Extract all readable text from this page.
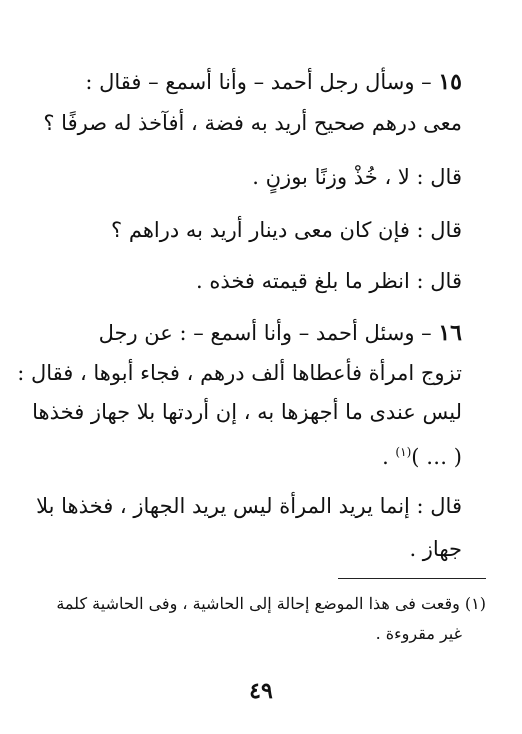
١٥ – وسأل رجل أحمد – وأنا أسمع – فقال :
معى درهم صحيح أريد به فضة ، أفآخذ له صرفًا ؟
قال : لا ، خُذْ وزنًا بوزنٍ .
قال : فإن كان معى دينار أريد به دراهم ؟
قال : انظر ما بلغ قيمته فخذه .
١٦ – وسئل أحمد – وأنا أسمع – : عن رجل
تزوج امرأة فأعطاها ألف درهم ، فجاء أبوها ، فقال :
ليس عندى ما أجهزها به ، إن أردتها بلا جهاز فخذها
( … )$^{(١)}$ .
قال : إنما يريد المرأة ليس يريد الجهاز ، فخذها بلا
جهاز .
(١) وقعت فى هذا الموضع إحالة إلى الحاشية ، وفى الحاشية كلمة
غير مقروءة .
٤٩
